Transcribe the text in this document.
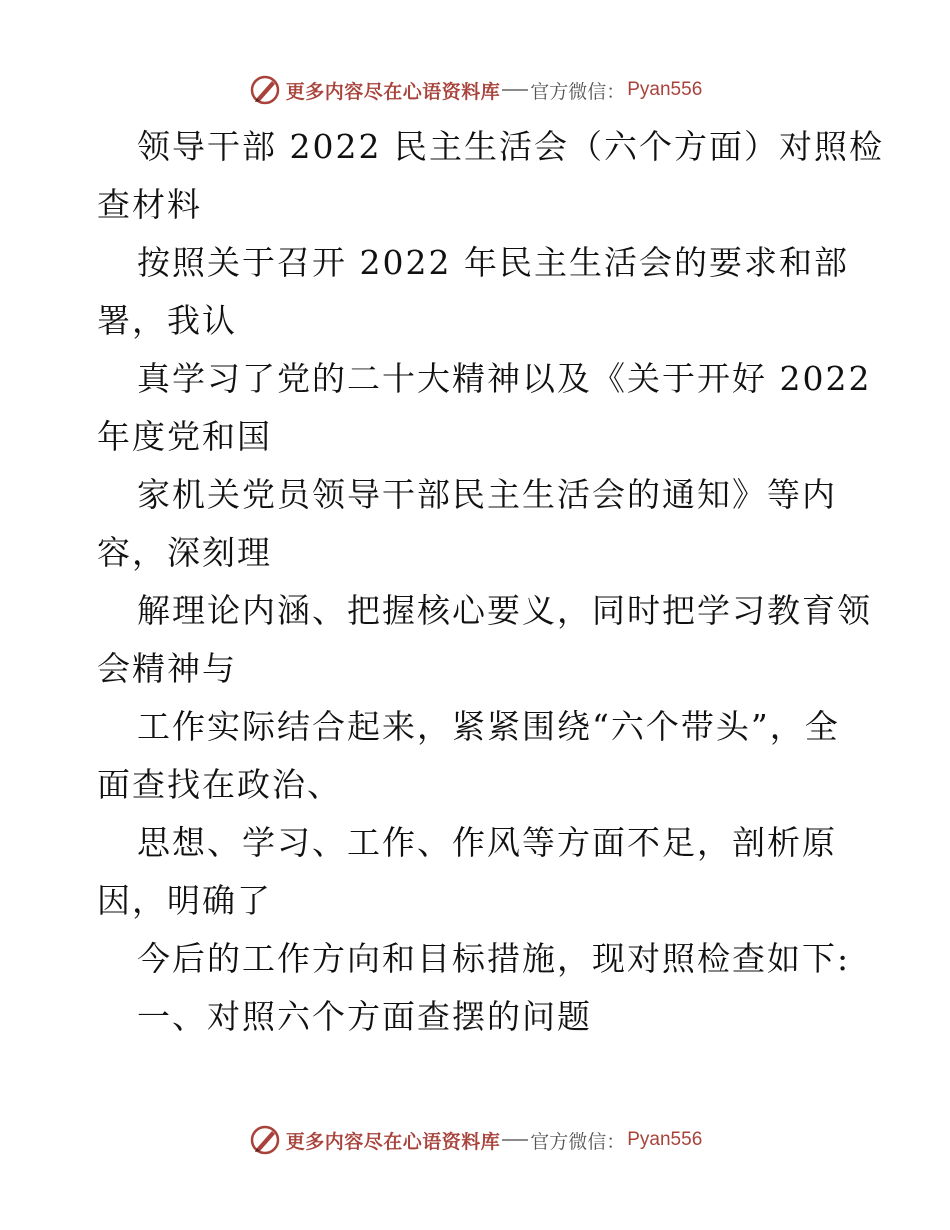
更多内容尽在心语资料库 官方微信： Pyan556
领导干部 2022 民主生活会（六个方面）对照检
查材料
按照关于召开 2022 年民主生活会的要求和部
署，我认
真学习了党的二十大精神以及《关于开好 2022
年度党和国
家机关党员领导干部民主生活会的通知》等内
容，深刻理
解理论内涵、把握核心要义，同时把学习教育领
会精神与
工作实际结合起来，紧紧围绕“六个带头”，全
面查找在政治、
思想、学习、工作、作风等方面不足，剖析原
因，明确了
今后的工作方向和目标措施，现对照检查如下:
一、对照六个方面查摆的问题
更多内容尽在心语资料库 官方微信： Pyan556
